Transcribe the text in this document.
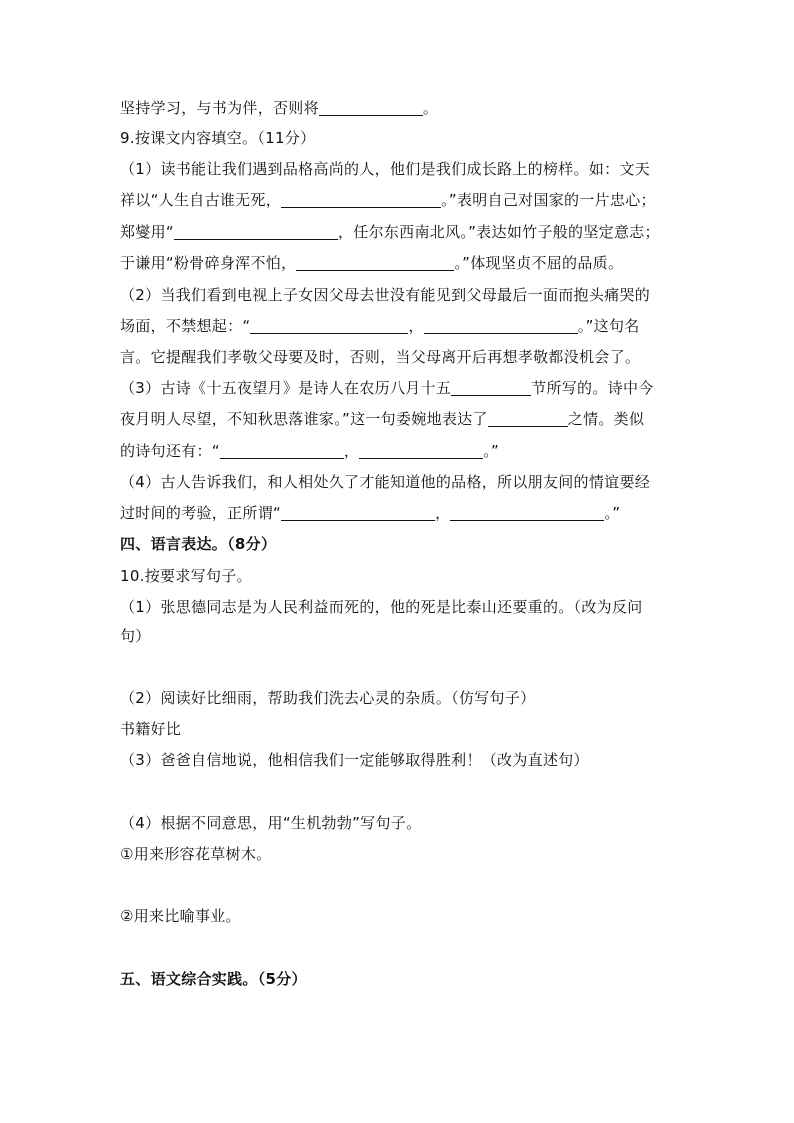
坚持学习，与书为伴，否则将	。
9.按课文内容填空。（11分）
（1）读书能让我们遇到品格高尚的人，他们是我们成长路上的榜样。如：文天
祥以“人生自古谁无死，	。”表明自己对国家的一片忠心；
郑燮用“	，任尔东西南北风。”表达如竹子般的坚定意志；
于谦用“粉骨碎身浑不怕，	。”体现坚贞不屈的品质。
（2）当我们看到电视上子女因父母去世没有能见到父母最后一面而抱头痛哭的
场面，不禁想起：“	，	。”这句名
言。它提醒我们孝敬父母要及时，否则，当父母离开后再想孝敬都没机会了。
（3）古诗《十五夜望月》是诗人在农历八月十五	节所写的。诗中今
夜月明人尽望，不知秋思落谁家。”这一句委婉地表达了	之情。类似
的诗句还有：“	，	。”
（4）古人告诉我们，和人相处久了才能知道他的品格，所以朋友间的情谊要经
过时间的考验，正所谓“	，	。”
四、语言表达。（8分）
10.按要求写句子。
（1）张思德同志是为人民利益而死的，他的死是比泰山还要重的。（改为反问
句）
（2）阅读好比细雨，帮助我们洗去心灵的杂质。（仿写句子）
书籍好比
（3）爸爸自信地说，他相信我们一定能够取得胜利！（改为直述句）
（4）根据不同意思，用“生机勃勃”写句子。
①用来形容花草树木。
②用来比喻事业。
五、语文综合实践。（5分）
